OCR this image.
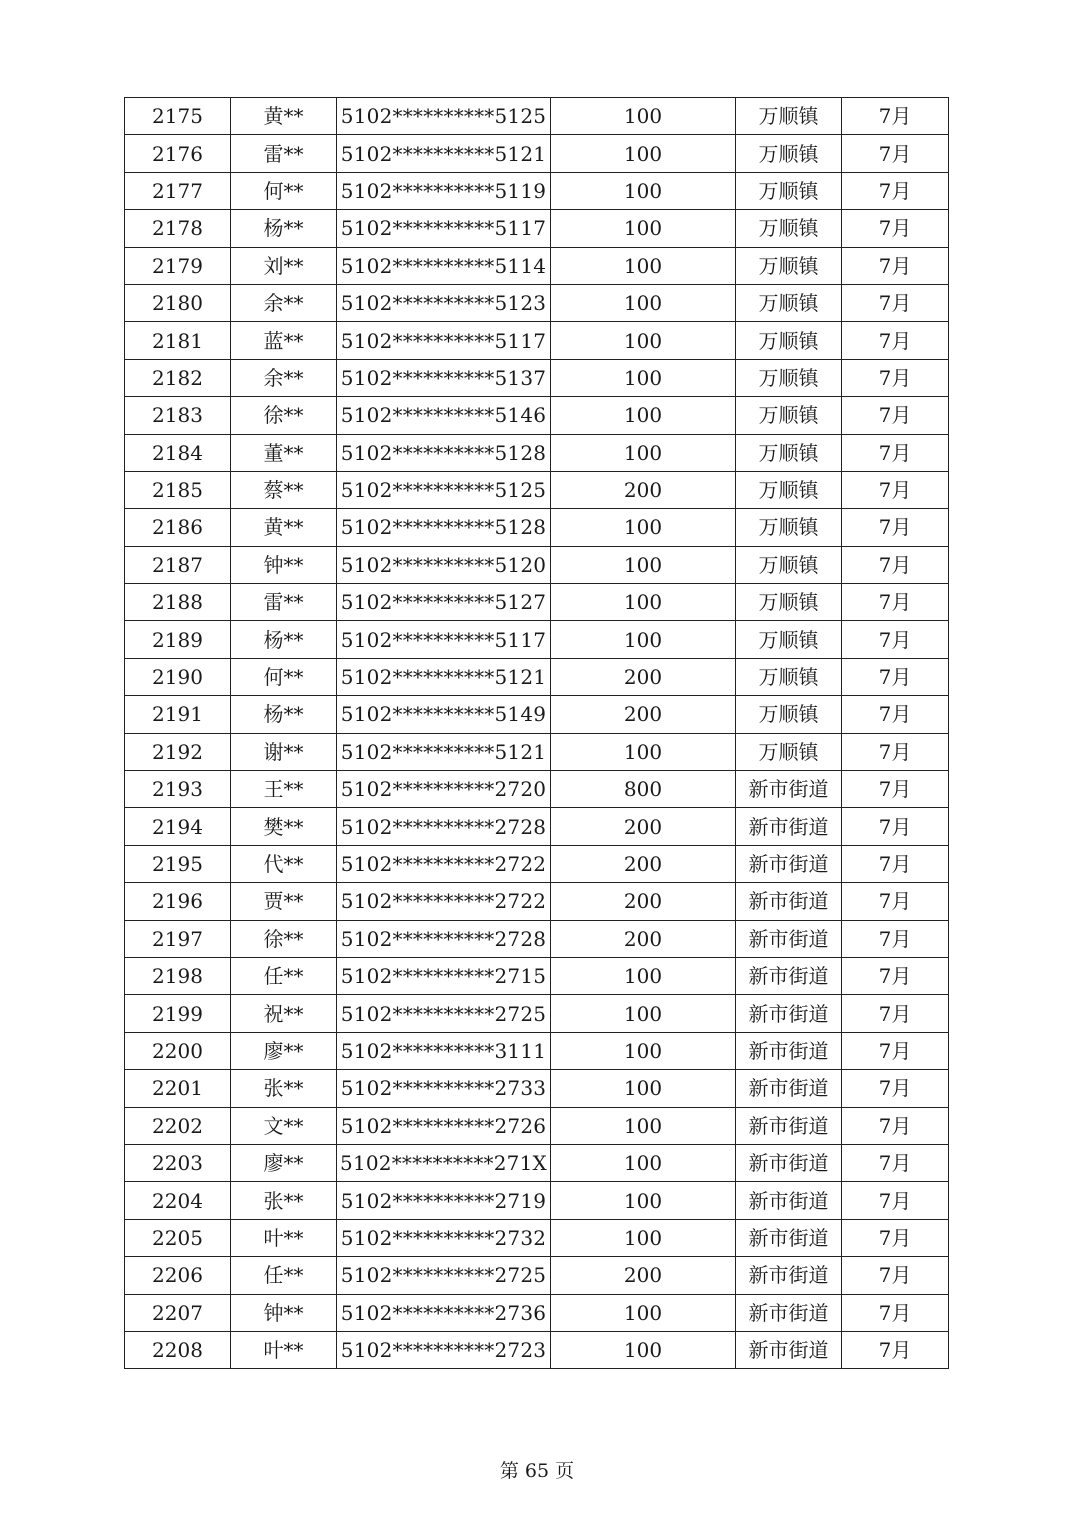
2175	黄**	5102**********5125	100	万顺镇	7月
2176	雷**	5102**********5121	100	万顺镇	7月
2177	何**	5102**********5119	100	万顺镇	7月
2178	杨**	5102**********5117	100	万顺镇	7月
2179	刘**	5102**********5114	100	万顺镇	7月
2180	余**	5102**********5123	100	万顺镇	7月
2181	蓝**	5102**********5117	100	万顺镇	7月
2182	余**	5102**********5137	100	万顺镇	7月
2183	徐**	5102**********5146	100	万顺镇	7月
2184	董**	5102**********5128	100	万顺镇	7月
2185	蔡**	5102**********5125	200	万顺镇	7月
2186	黄**	5102**********5128	100	万顺镇	7月
2187	钟**	5102**********5120	100	万顺镇	7月
2188	雷**	5102**********5127	100	万顺镇	7月
2189	杨**	5102**********5117	100	万顺镇	7月
2190	何**	5102**********5121	200	万顺镇	7月
2191	杨**	5102**********5149	200	万顺镇	7月
2192	谢**	5102**********5121	100	万顺镇	7月
2193	王**	5102**********2720	800	新市街道	7月
2194	樊**	5102**********2728	200	新市街道	7月
2195	代**	5102**********2722	200	新市街道	7月
2196	贾**	5102**********2722	200	新市街道	7月
2197	徐**	5102**********2728	200	新市街道	7月
2198	任**	5102**********2715	100	新市街道	7月
2199	祝**	5102**********2725	100	新市街道	7月
2200	廖**	5102**********3111	100	新市街道	7月
2201	张**	5102**********2733	100	新市街道	7月
2202	文**	5102**********2726	100	新市街道	7月
2203	廖**	5102**********271X	100	新市街道	7月
2204	张**	5102**********2719	100	新市街道	7月
2205	叶**	5102**********2732	100	新市街道	7月
2206	任**	5102**********2725	200	新市街道	7月
2207	钟**	5102**********2736	100	新市街道	7月
2208	叶**	5102**********2723	100	新市街道	7月
第 65 页
